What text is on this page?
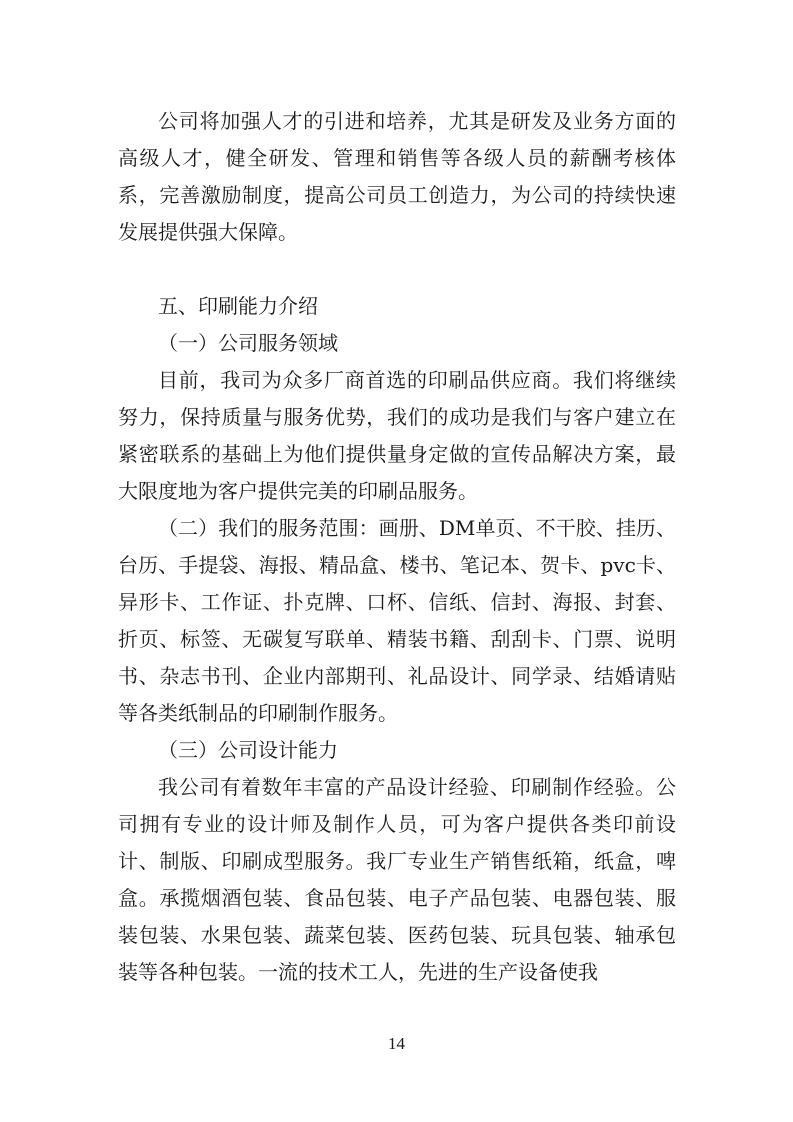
公司将加强人才的引进和培养，尤其是研发及业务方面的高级人才，健全研发、管理和销售等各级人员的薪酬考核体系，完善激励制度，提高公司员工创造力，为公司的持续快速发展提供强大保障。

五、印刷能力介绍

（一）公司服务领域

目前，我司为众多厂商首选的印刷品供应商。我们将继续努力，保持质量与服务优势，我们的成功是我们与客户建立在紧密联系的基础上为他们提供量身定做的宣传品解决方案，最大限度地为客户提供完美的印刷品服务。

（二）我们的服务范围：画册、DM单页、不干胶、挂历、台历、手提袋、海报、精品盒、楼书、笔记本、贺卡、pvc卡、异形卡、工作证、扑克牌、口杯、信纸、信封、海报、封套、折页、标签、无碳复写联单、精装书籍、刮刮卡、门票、说明书、杂志书刊、企业内部期刊、礼品设计、同学录、结婚请贴等各类纸制品的印刷制作服务。

（三）公司设计能力

我公司有着数年丰富的产品设计经验、印刷制作经验。公司拥有专业的设计师及制作人员，可为客户提供各类印前设计、制版、印刷成型服务。我厂专业生产销售纸箱，纸盒，啤盒。承揽烟酒包装、食品包装、电子产品包装、电器包装、服装包装、水果包装、蔬菜包装、医药包装、玩具包装、轴承包装等各种包装。一流的技术工人，先进的生产设备使我

14
